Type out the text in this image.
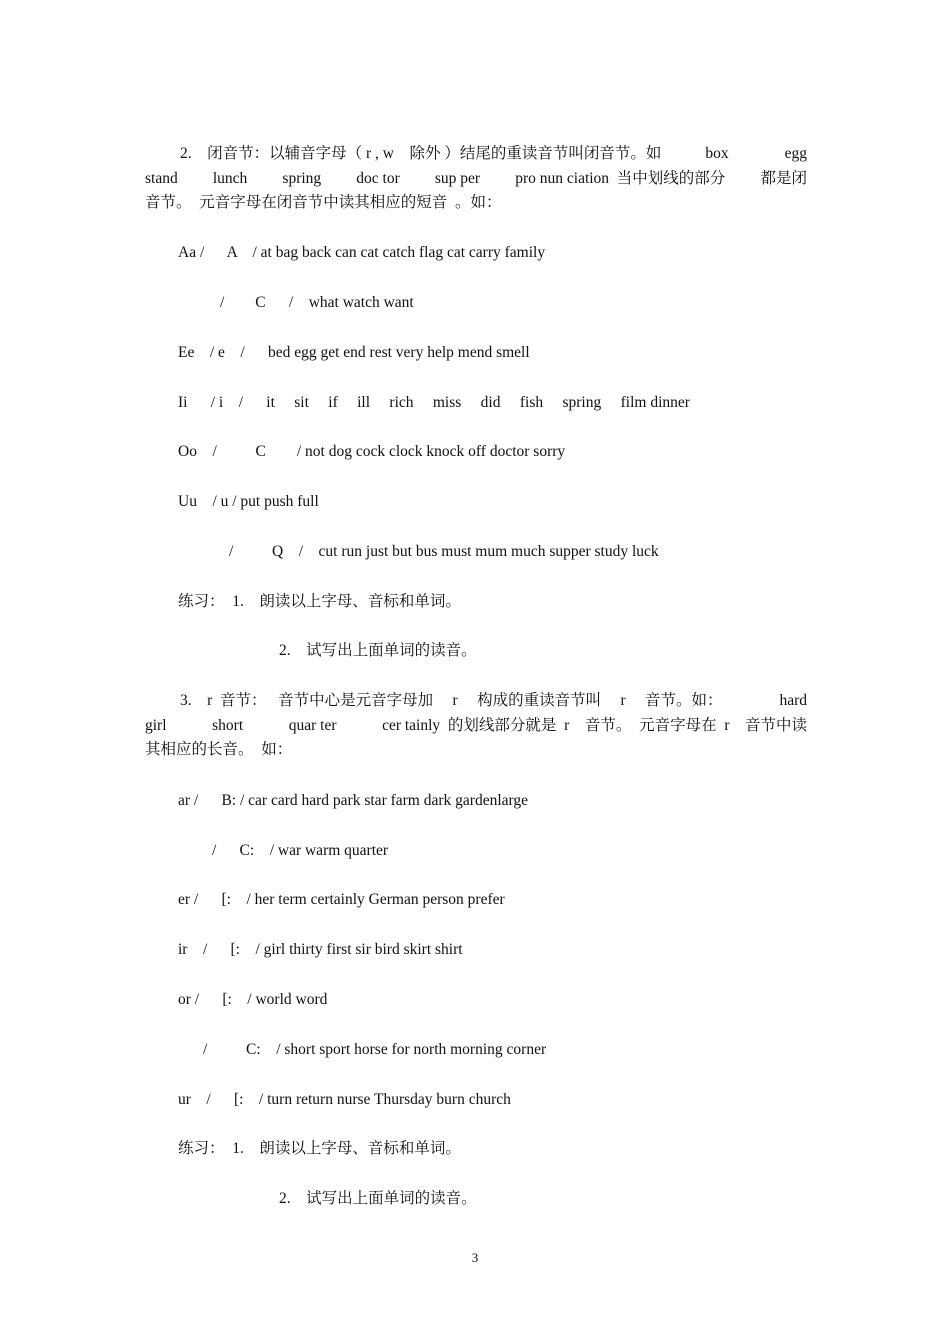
2.    闭音节：以辅音字母（ r , w    除外 ）结尾的重读音节叫闭音节。如	box	egg
stand lunch spring doc tor sup per pro nun ciation  当中划线的部分 都是闭
音节。  元音字母在闭音节中读其相应的短音  。如：
Aa /      A    / at bag back can cat catch flag cat carry family
/        C      /    what watch want
Ee    / e    /      bed egg get end rest very help mend smell
Ii      / i    /      it     sit     if     ill     rich     miss     did     fish     spring     film dinner
Oo    /          C        / not dog cock clock knock off doctor sorry
Uu    / u / put push full
/          Q    /    cut run just but bus must mum much supper study luck
练习：  1.    朗读以上字母、音标和单词。
2.    试写出上面单词的读音。
3.    r  音节：   音节中心是元音字母加     r     构成的重读音节叫     r     音节。如：	hard
girl	short	quar ter	cer tainly  的划线部分就是  r    音节。  元音字母在  r    音节中读
其相应的长音。  如：
ar /      B: / car card hard park star farm dark gardenlarge
/      C:    / war warm quarter
er /      [:    / her term certainly German person prefer
ir    /      [:    / girl thirty first sir bird skirt shirt
or /      [:    / world word
/          C:    / short sport horse for north morning corner
ur    /      [:    / turn return nurse Thursday burn church
练习：  1.    朗读以上字母、音标和单词。
2.    试写出上面单词的读音。
3
